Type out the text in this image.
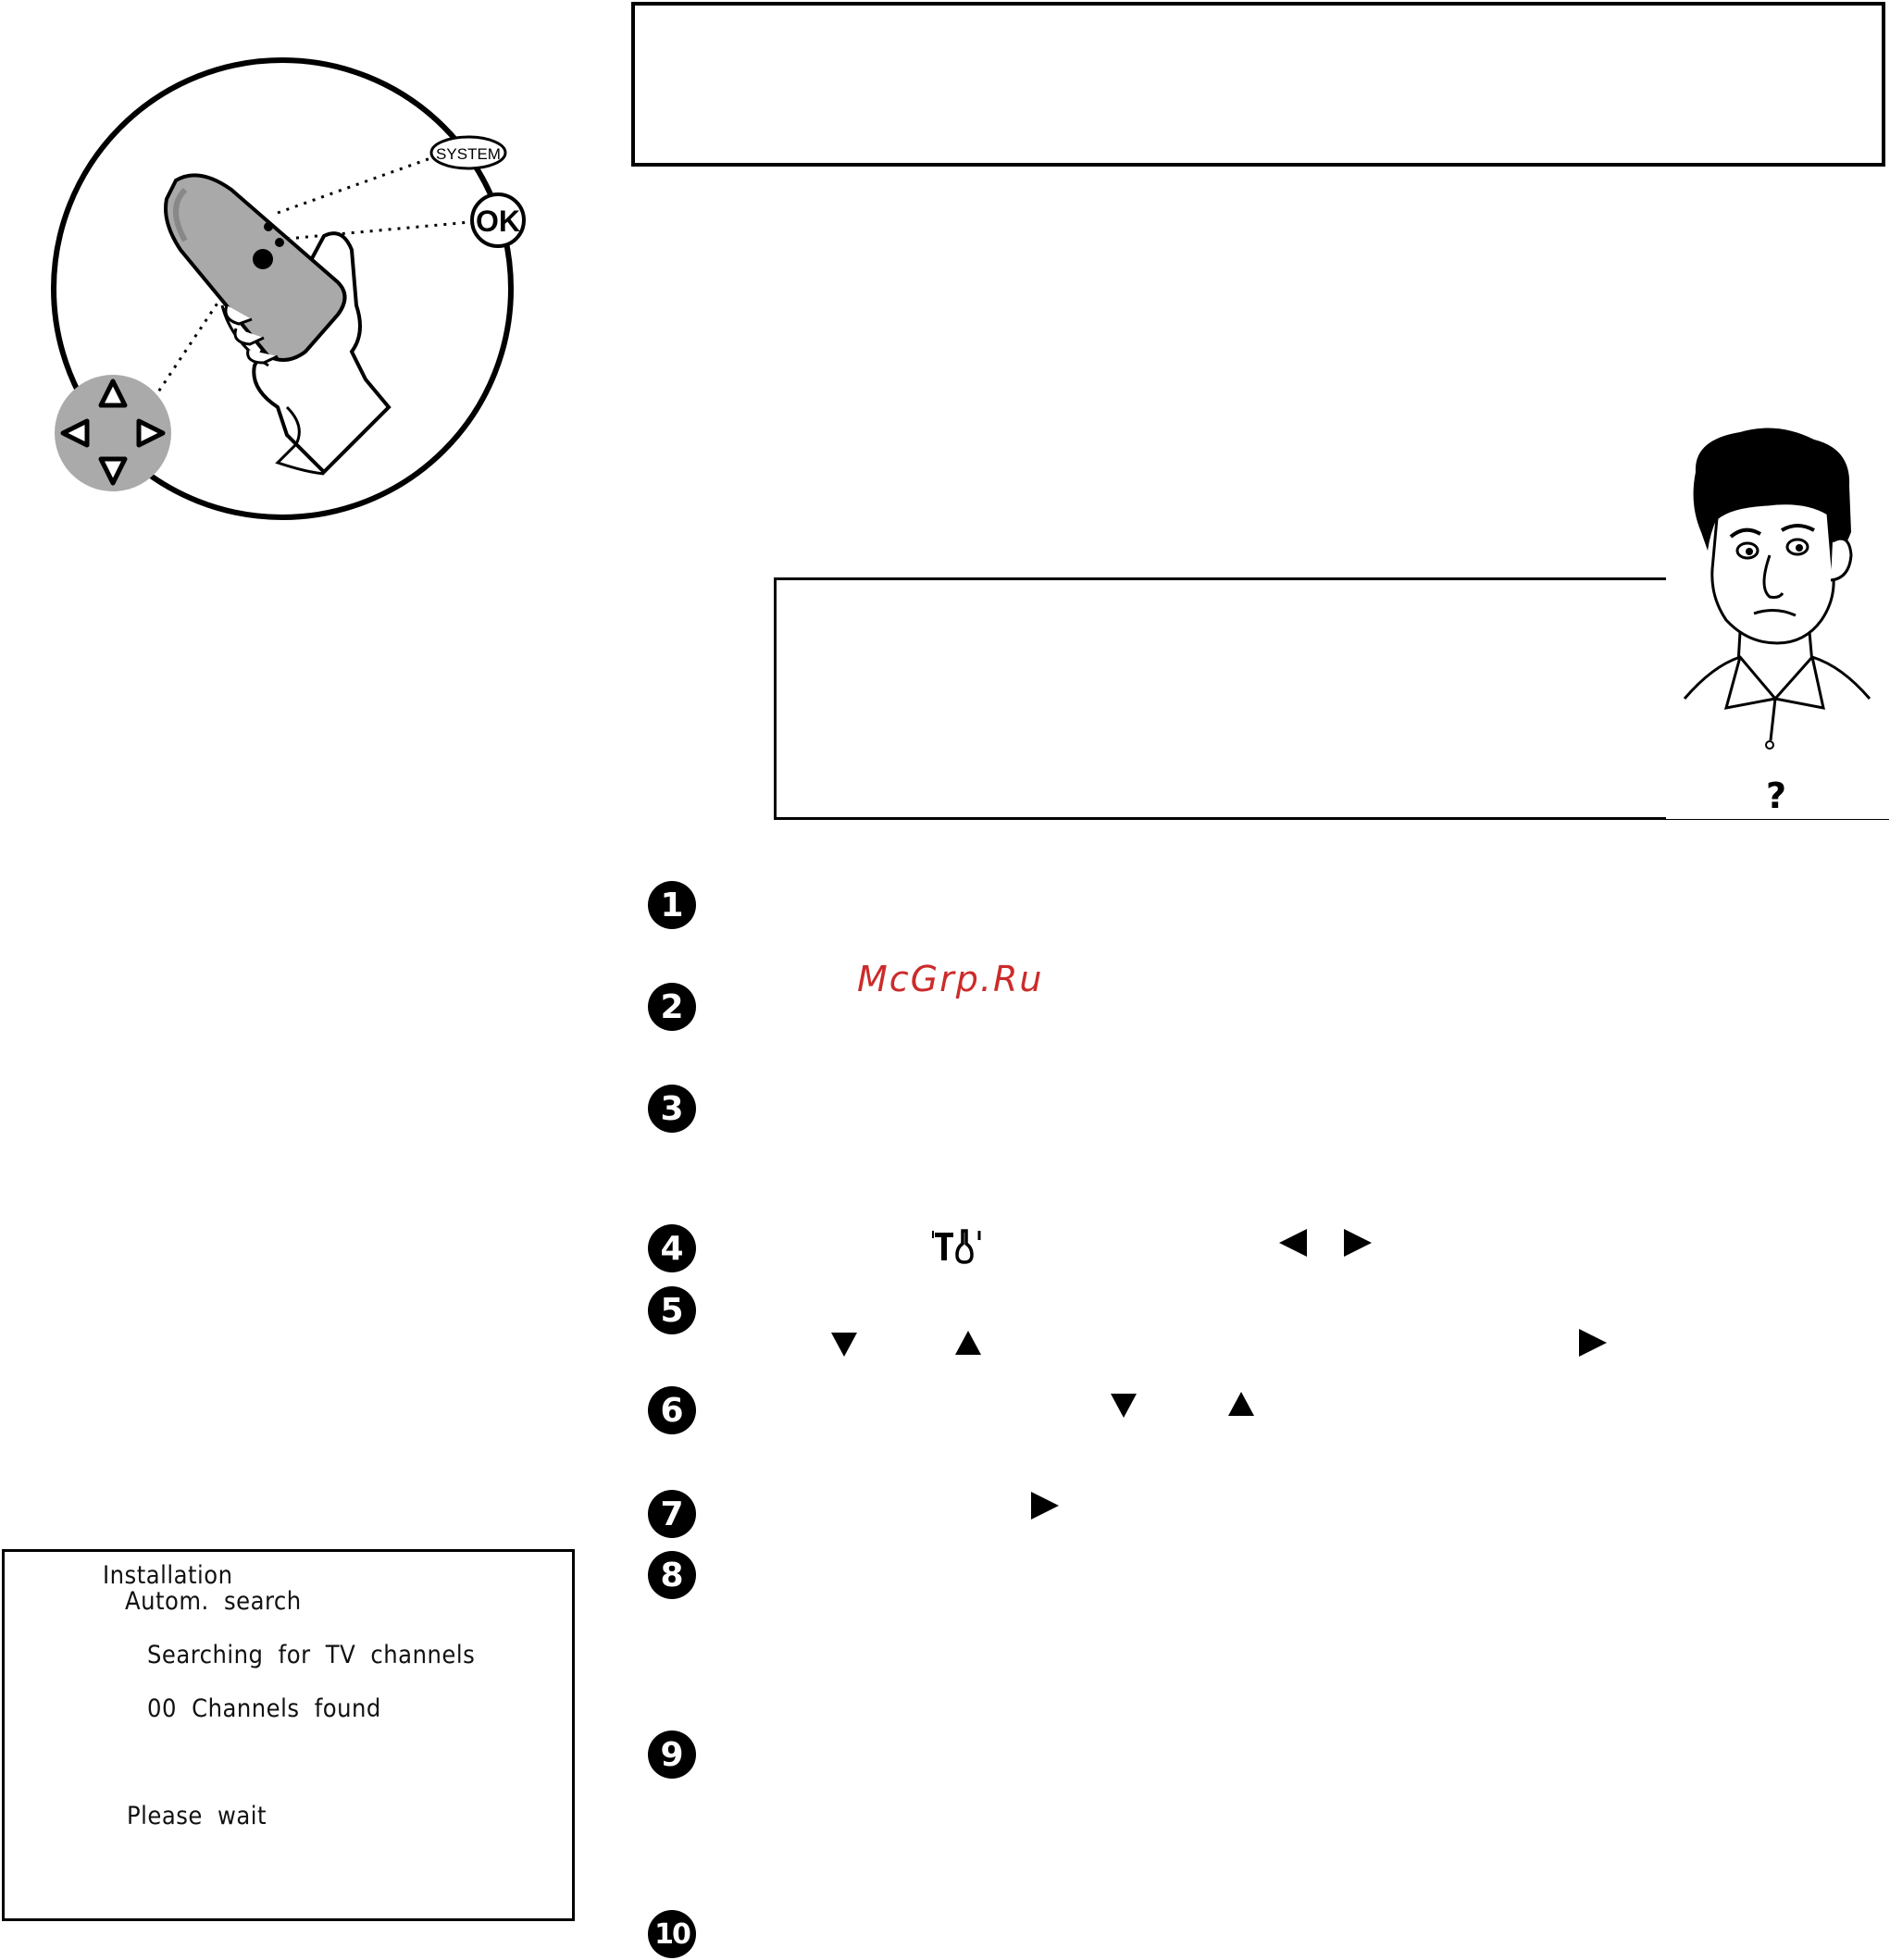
SYSTEM
OK
?
1
2
3
4
5
6
7
8
9
10
McGrp.Ru
Installation
Autom. search
Searching for TV channels
00 Channels found
Please wait
